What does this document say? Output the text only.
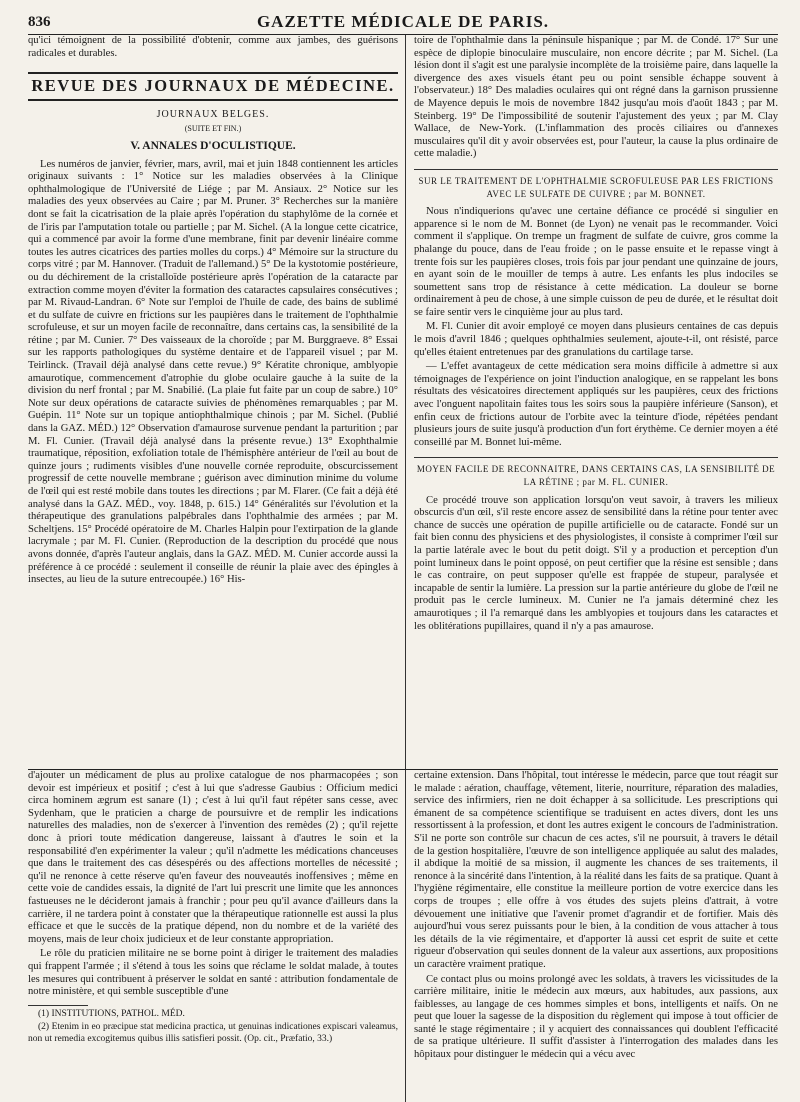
836	GAZETTE MÉDICALE DE PARIS.

qu'ici témoignent de la possibilité d'obtenir, comme aux jambes, des guérisons radicales et durables.

REVUE DES JOURNAUX DE MÉDECINE.
JOURNAUX BELGES.
(SUITE ET FIN.)
V. ANNALES D'OCULISTIQUE.

Les numéros de janvier, février, mars, avril, mai et juin 1848 contiennent les articles originaux suivants : 1° Notice sur les maladies observées à la Clinique ophthalmologique de l'Université de Liége ; par M. Ansiaux. 2° Notice sur les maladies des yeux observées au Caire ; par M. Pruner. 3° Recherches sur la manière dont se fait la cicatrisation de la plaie après l'opération du staphylôme de la cornée et de l'iris par l'amputation totale ou partielle ; par M. Sichel. (A la longue cette cicatrice, qui a commencé par avoir la forme d'une membrane, finit par devenir linéaire comme toutes les autres cicatrices des parties molles du corps.) 4° Mémoire sur la structure du corps vitré ; par M. Hannover. (Traduit de l'allemand.) 5° De la kystotomie postérieure, ou du déchirement de la cristalloïde postérieure après l'opération de la cataracte par extraction comme moyen d'éviter la formation des cataractes capsulaires consécutives ; par M. Rivaud-Landran. 6° Note sur l'emploi de l'huile de cade, des bains de sublimé et du sulfate de cuivre en frictions sur les paupières dans le traitement de l'ophthalmie scrofuleuse, et sur un moyen facile de reconnaître, dans certains cas, la sensibilité de la rétine ; par M. Cunier. 7° Des vaisseaux de la choroïde ; par M. Burggraeve. 8° Essai sur les rapports pathologiques du système dentaire et de l'appareil visuel ; par M. Teirlinck. (Travail déjà analysé dans cette revue.) 9° Kératite chronique, amblyopie amaurotique, commencement d'atrophie du globe oculaire gauche à la suite de la division du nerf frontal ; par M. Snabilié. (La plaie fut faite par un coup de sabre.) 10° Note sur deux opérations de cataracte suivies de phénomènes remarquables ; par M. Guépin. 11° Note sur un topique antiophthalmique chinois ; par M. Sichel. (Publié dans la GAZ. MÉD.) 12° Observation d'amaurose survenue pendant la parturition ; par M. Fl. Cunier. (Travail déjà analysé dans la présente revue.) 13° Exophthalmie traumatique, réposition, exfoliation totale de l'hémisphère antérieur de l'œil au bout de quinze jours ; rudiments visibles d'une nouvelle cornée reproduite, obscurcissement progressif de cette nouvelle membrane ; guérison avec diminution minime du volume de l'œil qui est resté mobile dans toutes les directions ; par M. Flarer. (Ce fait a déjà été analysé dans la GAZ. MÉD., voy. 1848, p. 615.) 14° Généralités sur l'évolution et la thérapeutique des granulations palpébrales dans l'ophthalmie des armées ; par M. Scheltjens. 15° Procédé opératoire de M. Charles Halpin pour l'extirpation de la glande lacrymale ; par M. Fl. Cunier. (Reproduction de la description du procédé que nous avons donnée, d'après l'auteur anglais, dans la GAZ. MÉD. M. Cunier accorde aussi la préférence à ce procédé : seulement il conseille de réunir la plaie avec des épingles à insectes, au lieu de la suture entrecoupée.) 16° His-

toire de l'ophthalmie dans la péninsule hispanique ; par M. de Condé. 17° Sur une espèce de diplopie binoculaire musculaire, non encore décrite ; par M. Sichel. (La lésion dont il s'agit est une paralysie incomplète de la troisième paire, dans laquelle la divergence des axes visuels étant peu ou point sensible échappe souvent à l'observateur.) 18° Des maladies oculaires qui ont régné dans la garnison prussienne de Mayence depuis le mois de novembre 1842 jusqu'au mois d'août 1843 ; par M. Steinberg. 19° De l'impossibilité de soutenir l'ajustement des yeux ; par M. Clay Wallace, de New-York. (L'inflammation des procès ciliaires ou d'annexes musculaires qu'il dit y avoir observées est, pour l'auteur, la cause la plus ordinaire de cette maladie.)

SUR LE TRAITEMENT DE L'OPHTHALMIE SCROFULEUSE PAR LES FRICTIONS AVEC LE SULFATE DE CUIVRE ; par M. BONNET.

Nous n'indiquerions qu'avec une certaine défiance ce procédé si singulier en apparence si le nom de M. Bonnet (de Lyon) ne venait pas le recommander. Voici comment il s'applique. On trempe un fragment de sulfate de cuivre, gros comme la phalange du pouce, dans de l'eau froide ; on le passe ensuite et le repasse vingt à trente fois sur les paupières closes, trois fois par jour pendant une quinzaine de jours, en ayant soin de le mouiller de temps à autre. Les enfants les plus indociles se soumettent sans trop de résistance à cette médication. La douleur se borne ordinairement à peu de chose, à une simple cuisson de peu de durée, et le résultat doit se faire sentir vers le cinquième jour au plus tard.

M. Fl. Cunier dit avoir employé ce moyen dans plusieurs centaines de cas depuis le mois d'avril 1846 ; quelques ophthalmies seulement, ajoute-t-il, ont résisté, parce qu'elles étaient entretenues par des granulations du cartilage tarse.

— L'effet avantageux de cette médication sera moins difficile à admettre si aux témoignages de l'expérience on joint l'induction analogique, en se rappelant les bons résultats des vésicatoires directement appliqués sur les paupières, ceux des frictions avec l'onguent napolitain faites tous les soirs sous la paupière inférieure (Sanson), et enfin ceux de frictions autour de l'orbite avec la teinture d'iode, répétées pendant plusieurs jours de suite jusqu'à production d'un fort érythème. Ce dernier moyen a été conseillé par M. Bonnet lui-même.

MOYEN FACILE DE RECONNAITRE, DANS CERTAINS CAS, LA SENSIBILITÉ DE LA RÉTINE ; par M. FL. CUNIER.

Ce procédé trouve son application lorsqu'on veut savoir, à travers les milieux obscurcis d'un œil, s'il reste encore assez de sensibilité dans la rétine pour tenter avec chance de succès une opération de pupille artificielle ou de cataracte. Fondé sur un fait bien connu des physiciens et des physiologistes, il consiste à comprimer l'œil sur la partie latérale avec le bout du petit doigt. S'il y a production et perception d'un point lumineux dans le point opposé, on peut certifier que la résine est sensible ; dans le cas contraire, on peut supposer qu'elle est frappée de stupeur, paralysée et incapable de sentir la lumière. La pression sur la partie antérieure du globe de l'œil ne produit pas le cercle lumineux. M. Cunier ne l'a jamais déterminé chez les amaurotiques ; il l'a remarqué dans les amblyopies et toujours dans les cataractes et les oblitérations pupillaires, quand il n'y a pas amaurose.

d'ajouter un médicament de plus au prolixe catalogue de nos pharmacopées ; son devoir est impérieux et positif ; c'est à lui que s'adresse Gaubius : Officium medici circa hominem ægrum est sanare (1) ; c'est à lui qu'il faut répéter sans cesse, avec Sydenham, que le praticien a charge de poursuivre et de remplir les indications naturelles des maladies, non de s'exercer à l'invention des remèdes (2) ; qu'il rejette donc à priori toute médication dangereuse, laissant à d'autres le soin et la responsabilité d'en expérimenter la valeur ; qu'il n'admette les médications chanceuses que dans le traitement des cas désespérés ou des affections mortelles de nécessité ; qu'il ne renonce à cette réserve qu'en faveur des nouveautés inoffensives ; même en cette voie de candides essais, la dignité de l'art lui prescrit une limite que les annonces fastueuses ne le décideront jamais à franchir ; pour peu qu'il avance d'ailleurs dans la carrière, il ne tardera point à constater que la thérapeutique rationnelle est aussi la plus efficace et que le succès de la pratique dépend, non du nombre et de la variété des moyens, mais de leur choix judicieux et de leur constante appropriation.

Le rôle du praticien militaire ne se borne point à diriger le traitement des maladies qui frappent l'armée ; il s'étend à tous les soins que réclame le soldat malade, à toutes les mesures qui contribuent à préserver le soldat en santé : attribution fondamentale de notre ministère, et qui semble susceptible d'une

(1) INSTITUTIONS, PATHOL. MÉD.

(2) Etenim in eo præcipue stat medicina practica, ut genuinas indicationes expiscari valeamus, non ut remedia excogitemus quibus illis satisfieri possit. (Op. cit., Præfatio, 33.)

certaine extension. Dans l'hôpital, tout intéresse le médecin, parce que tout réagit sur le malade : aération, chauffage, vêtement, literie, nourriture, réparation des maladies, service des infirmiers, rien ne doit échapper à sa sollicitude. Les prescriptions qui émanent de sa compétence scientifique se traduisent en actes divers, dont les uns ressortissent à la profession, et dont les autres exigent le concours de l'administration. S'il ne porte son contrôle sur chacun de ces actes, s'il ne poursuit, à travers le détail de la gestion hospitalière, l'œuvre de son intelligence appliquée au salut des malades, il abdique la moitié de sa mission, il augmente les chances de ses traitements, il renonce à la sincérité dans l'intention, à la réalité dans les faits de sa pratique. Quant à l'hygiène régimentaire, elle constitue la meilleure portion de votre exercice dans les corps de troupes ; elle offre à vos études des sujets pleins d'attrait, à votre dévouement une initiative que l'avenir promet d'agrandir et de fortifier. Mais dès aujourd'hui vous serez puissants pour le bien, à la condition de vous attacher à tous les détails de la vie régimentaire, et d'apporter là aussi cet esprit de suite et cette rigueur d'observation qui seules donnent de la valeur aux assertions, aux propositions un caractère vraiment pratique.

Ce contact plus ou moins prolongé avec les soldats, à travers les vicissitudes de la carrière militaire, initie le médecin aux mœurs, aux habitudes, aux passions, aux faiblesses, au langage de ces hommes simples et bons, intelligents et naïfs. On ne peut que louer la sagesse de la disposition du règlement qui impose à tout officier de santé le stage régimentaire ; il y acquiert des connaissances qui doublent l'efficacité de sa pratique ultérieure. Il suffit d'assister à l'interrogation des malades dans les hôpitaux pour distinguer le médecin qui a vécu avec
